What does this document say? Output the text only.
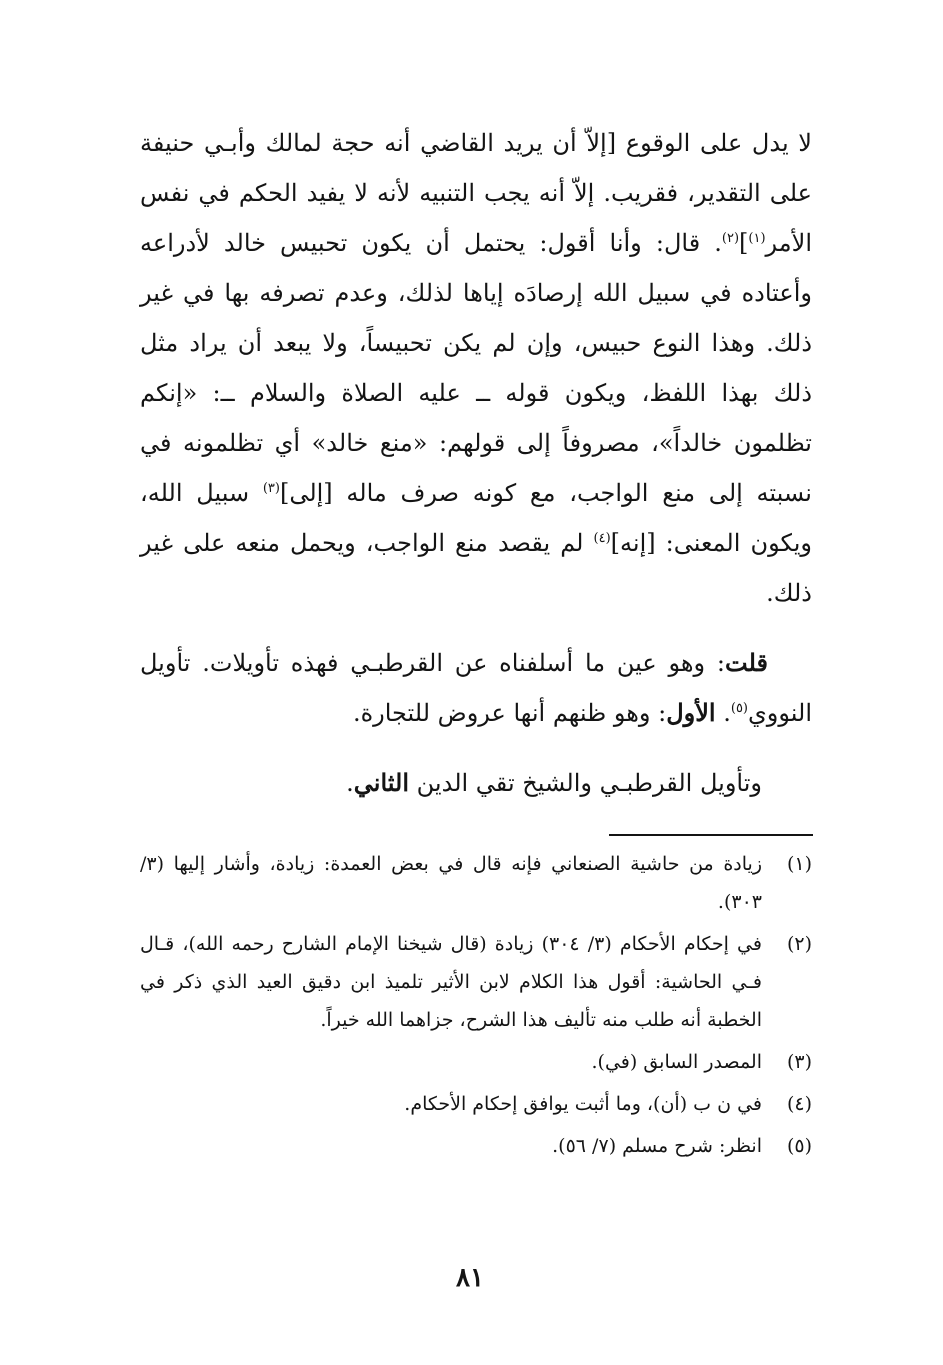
لا يدل على الوقوع [إلاّ أن يريد القاضي أنه حجة لمالك وأبـي حنيفة على التقدير، فقريب. إلاّ أنه يجب التنبيه لأنه لا يفيد الحكم في نفس الأمر$^{(١)}$]$^{(٢)}$. قال: وأنا أقول: يحتمل أن يكون تحبيس خالد لأدراعه وأعتاده في سبيل الله إرصادَه إياها لذلك، وعدم تصرفه بها في غير ذلك. وهذا النوع حبيس، وإن لم يكن تحبيساً، ولا يبعد أن يراد مثل ذلك بهذا اللفظ، ويكون قوله ــ عليه الصلاة والسلام ــ: «إنكم تظلمون خالداً»، مصروفاً إلى قولهم: «منع خالد» أي تظلمونه في نسبته إلى منع الواجب، مع كونه صرف ماله [إلى]$^{(٣)}$ سبيل الله، ويكون المعنى: [إنه]$^{(٤)}$ لم يقصد منع الواجب، ويحمل منعه على غير ذلك.

قلت: وهو عين ما أسلفناه عن القرطبـي فهذه تأويلات. تأويل النووي$^{(٥)}$. الأول: وهو ظنهم أنها عروض للتجارة.

وتأويل القرطبـي والشيخ تقي الدين الثاني.

(١)
زيادة من حاشية الصنعاني فإنه قال في بعض العمدة: زيادة، وأشار إليها (٣/ ٣٠٣).
(٢)
في إحكام الأحكام (٣/ ٣٠٤) زيادة (قال شيخنا الإمام الشارح رحمه الله)، قـال فـي الحاشية: أقول هذا الكلام لابن الأثير تلميذ ابن دقيق العيد الذي ذكر في الخطبة أنه طلب منه تأليف هذا الشرح، جزاهما الله خيراً.
(٣)
المصدر السابق (في).
(٤)
في ن ب (أن)، وما أثبت يوافق إحكام الأحكام.
(٥)
انظر: شرح مسلم (٧/ ٥٦).
٨١
